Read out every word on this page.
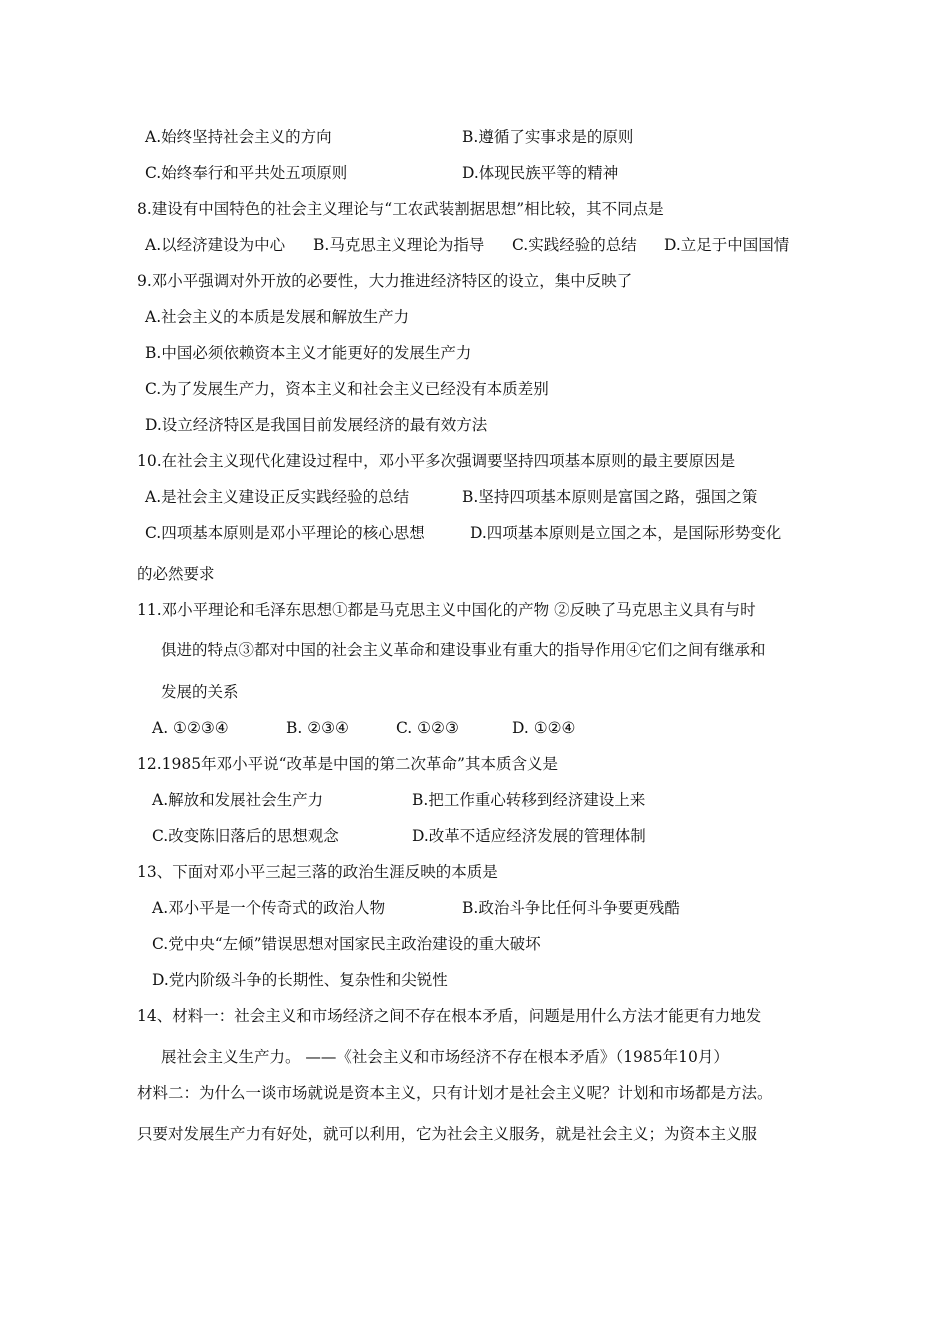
A.始终坚持社会主义的方向	B.遵循了实事求是的原则
C.始终奉行和平共处五项原则	D.体现民族平等的精神
8.建设有中国特色的社会主义理论与“工农武装割据思想”相比较，其不同点是
A.以经济建设为中心 B.马克思主义理论为指导 C.实践经验的总结 D.立足于中国国情
9.邓小平强调对外开放的必要性，大力推进经济特区的设立，集中反映了
A.社会主义的本质是发展和解放生产力
B.中国必须依赖资本主义才能更好的发展生产力
C.为了发展生产力，资本主义和社会主义已经没有本质差别
D.设立经济特区是我国目前发展经济的最有效方法
10.在社会主义现代化建设过程中，邓小平多次强调要坚持四项基本原则的最主要原因是
A.是社会主义建设正反实践经验的总结	B.坚持四项基本原则是富国之路，强国之策
C.四项基本原则是邓小平理论的核心思想	D.四项基本原则是立国之本，是国际形势变化
的必然要求
11.邓小平理论和毛泽东思想①都是马克思主义中国化的产物 ②反映了马克思主义具有与时
俱进的特点③都对中国的社会主义革命和建设事业有重大的指导作用④它们之间有继承和
发展的关系
A. ①②③④	B. ②③④	C. ①②③	D. ①②④
12.1985年邓小平说“改革是中国的第二次革命”其本质含义是
A.解放和发展社会生产力	B.把工作重心转移到经济建设上来
C.改变陈旧落后的思想观念	D.改革不适应经济发展的管理体制
13、下面对邓小平三起三落的政治生涯反映的本质是
A.邓小平是一个传奇式的政治人物	B.政治斗争比任何斗争要更残酷
C.党中央“左倾”错误思想对国家民主政治建设的重大破坏
D.党内阶级斗争的长期性、复杂性和尖锐性
14、材料一：社会主义和市场经济之间不存在根本矛盾，问题是用什么方法才能更有力地发
展社会主义生产力。 ——《社会主义和市场经济不存在根本矛盾》（1985年10月）
材料二：为什么一谈市场就说是资本主义，只有计划才是社会主义呢？计划和市场都是方法。
只要对发展生产力有好处，就可以利用，它为社会主义服务，就是社会主义；为资本主义服
